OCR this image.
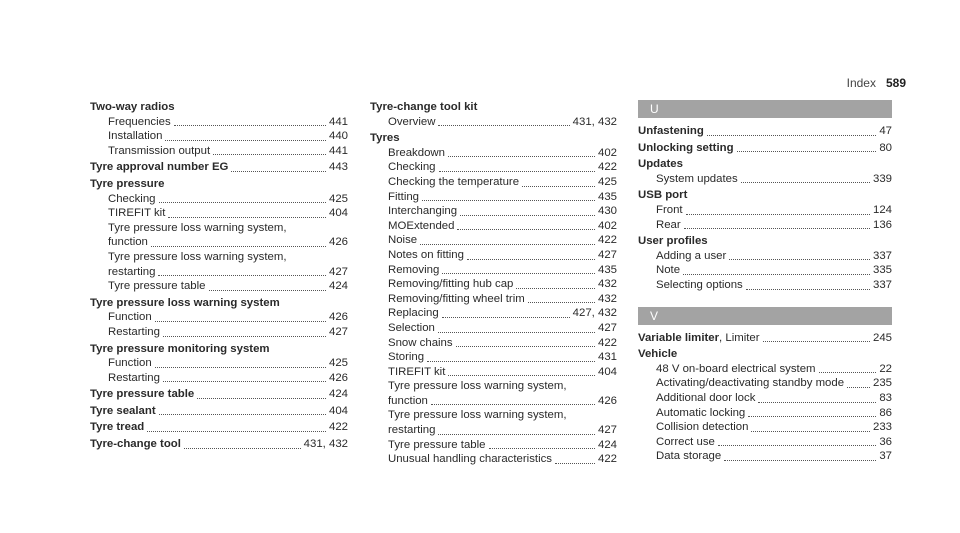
Index 589
Two-way radios
Frequencies	441
Installation	440
Transmission output	441
Tyre approval number EG	443
Tyre pressure
Checking	425
TIREFIT kit	404
Tyre pressure loss warning system,
function	426
Tyre pressure loss warning system,
restarting	427
Tyre pressure table	424
Tyre pressure loss warning system
Function	426
Restarting	427
Tyre pressure monitoring system
Function	425
Restarting	426
Tyre pressure table	424
Tyre sealant	404
Tyre tread	422
Tyre-change tool	431, 432
Tyre-change tool kit
Overview	431, 432
Tyres
Breakdown	402
Checking	422
Checking the temperature	425
Fitting	435
Interchanging	430
MOExtended	402
Noise	422
Notes on fitting	427
Removing	435
Removing/fitting hub cap	432
Removing/fitting wheel trim	432
Replacing	427, 432
Selection	427
Snow chains	422
Storing	431
TIREFIT kit	404
Tyre pressure loss warning system,
function	426
Tyre pressure loss warning system,
restarting	427
Tyre pressure table	424
Unusual handling characteristics	422
U
Unfastening	47
Unlocking setting	80
Updates
System updates	339
USB port
Front	124
Rear	136
User profiles
Adding a user	337
Note	335
Selecting options	337
V
Variable limiter , Limiter	245
Vehicle
48 V on-board electrical system	22
Activating/deactivating standby mode	235
Additional door lock	83
Automatic locking	86
Collision detection	233
Correct use	36
Data storage	37
